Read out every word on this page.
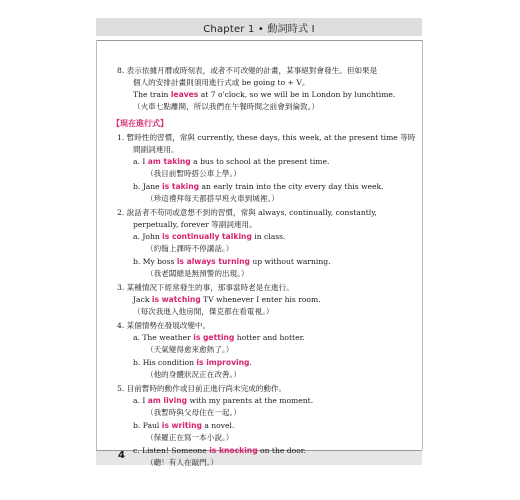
Chapter 1 • 動詞時式 I
4
8. 表示依據月曆或時刻表，或者不可改變的計畫，某事絕對會發生。但如果是
個人的安排計畫則須用進行式或 be going to + V。
The train leaves at 7 o'clock, so we will be in London by lunchtime.
（火車七點離開，所以我們在午餐時間之前會到倫敦。）
【現在進行式】
1. 暫時性的習慣，常與 currently, these days, this week, at the present time 等時
間副詞連用。
a. I am taking a bus to school at the present time.
（我目前暫時搭公車上學。）
b. Jane is taking an early train into the city every day this week.
（珍這禮拜每天都搭早班火車到城裡。）
2. 說話者不苟同或意想不到的習慣，常與 always, continually, constantly,
perpetually, forever 等副詞連用。
a. John is continually talking in class.
（約翰上課時不停講話。）
b. My boss is always turning up without warning.
（我老闆總是無預警的出現。）
3. 某種情況下經常發生的事，那事當時老是在進行。
Jack is watching TV whenever I enter his room.
（每次我進入他房間，傑克都在看電視。）
4. 某個情勢在發展改變中。
a. The weather is getting hotter and hotter.
（天氣變得愈來愈熱了。）
b. His condition is improving.
（他的身體狀況正在改善。）
5. 目前暫時的動作或目前正進行尚未完成的動作。
a. I am living with my parents at the moment.
（我暫時與父母住在一起。）
b. Paul is writing a novel.
（保羅正在寫一本小說。）
c. Listen! Someone is knocking on the door.
（聽！有人在敲門。）
